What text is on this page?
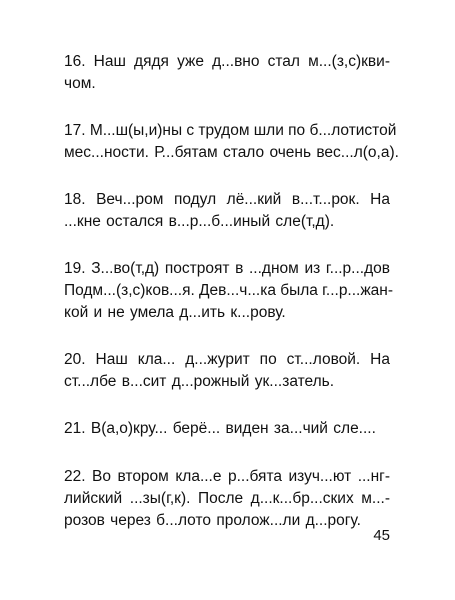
16. Наш дядя уже д...вно стал м...(з,с)кви-
чом.
17. М...ш(ы,и)ны с трудом шли по б...лотистой
мес...ности. Р...бятам стало очень вес...л(о,а).
18. Веч...ром подул лё...кий в...т...рок. На
...кне остался в...р...б...иный сле(т,д).
19. З...во(т,д) построят в ...дном из г...р...дов
Подм...(з,с)ков...я. Дев...ч...ка была г...р...жан-
кой и не умела д...ить к...рову.
20. Наш кла... д...журит по ст...ловой. На
ст...лбе в...сит д...рожный ук...затель.
21. В(а,о)кру... берё... виден за...чий сле....
22. Во втором кла...е р...бята изуч...ют ...нг-
лийский ...зы(г,к). После д...к...бр...ских м...-
розов через б...лото пролож...ли д...рогу.
45
